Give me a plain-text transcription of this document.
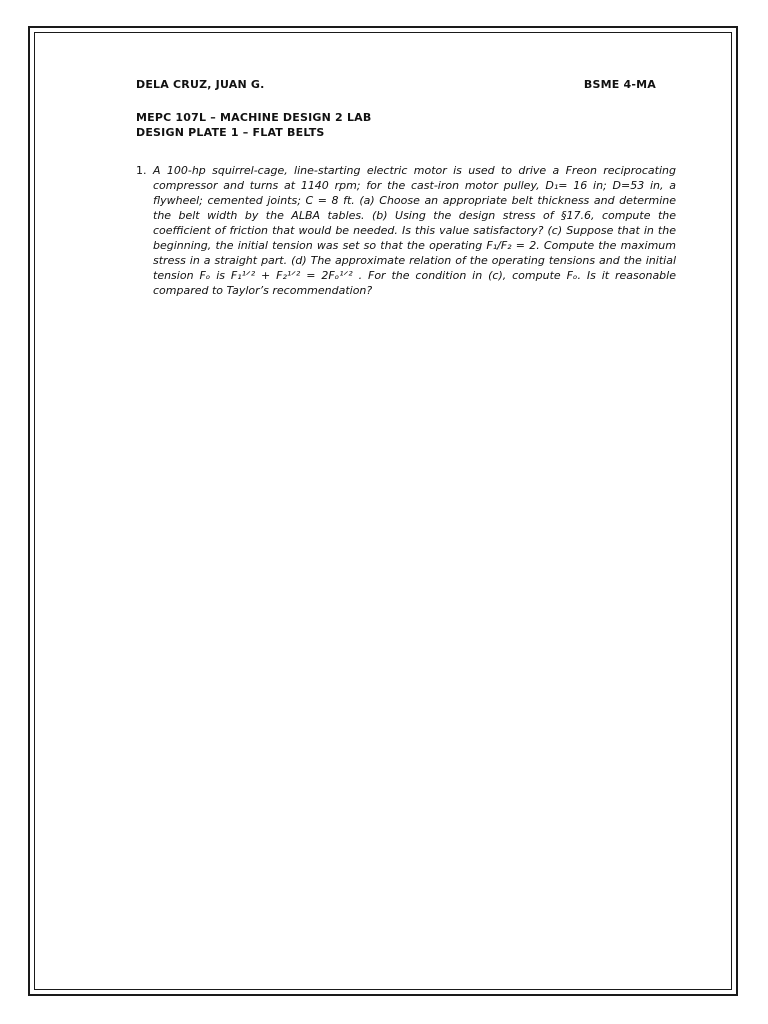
DELA CRUZ, JUAN G.	BSME 4-MA
MEPC 107L – MACHINE DESIGN 2 LAB
DESIGN PLATE 1 – FLAT BELTS
1. A 100-hp squirrel-cage, line-starting electric motor is used to drive a Freon reciprocating compressor and turns at 1140 rpm; for the cast-iron motor pulley, D₁= 16 in; D=53 in, a flywheel; cemented joints; C = 8 ft. (a) Choose an appropriate belt thickness and determine the belt width by the ALBA tables. (b) Using the design stress of §17.6, compute the coefficient of friction that would be needed. Is this value satisfactory? (c) Suppose that in the beginning, the initial tension was set so that the operating F₁/F₂ = 2. Compute the maximum stress in a straight part. (d) The approximate relation of the operating tensions and the initial tension Fₒ is F₁¹ᐟ² + F₂¹ᐟ² = 2Fₒ¹ᐟ² . For the condition in (c), compute Fₒ. Is it reasonable compared to Taylor’s recommendation?
